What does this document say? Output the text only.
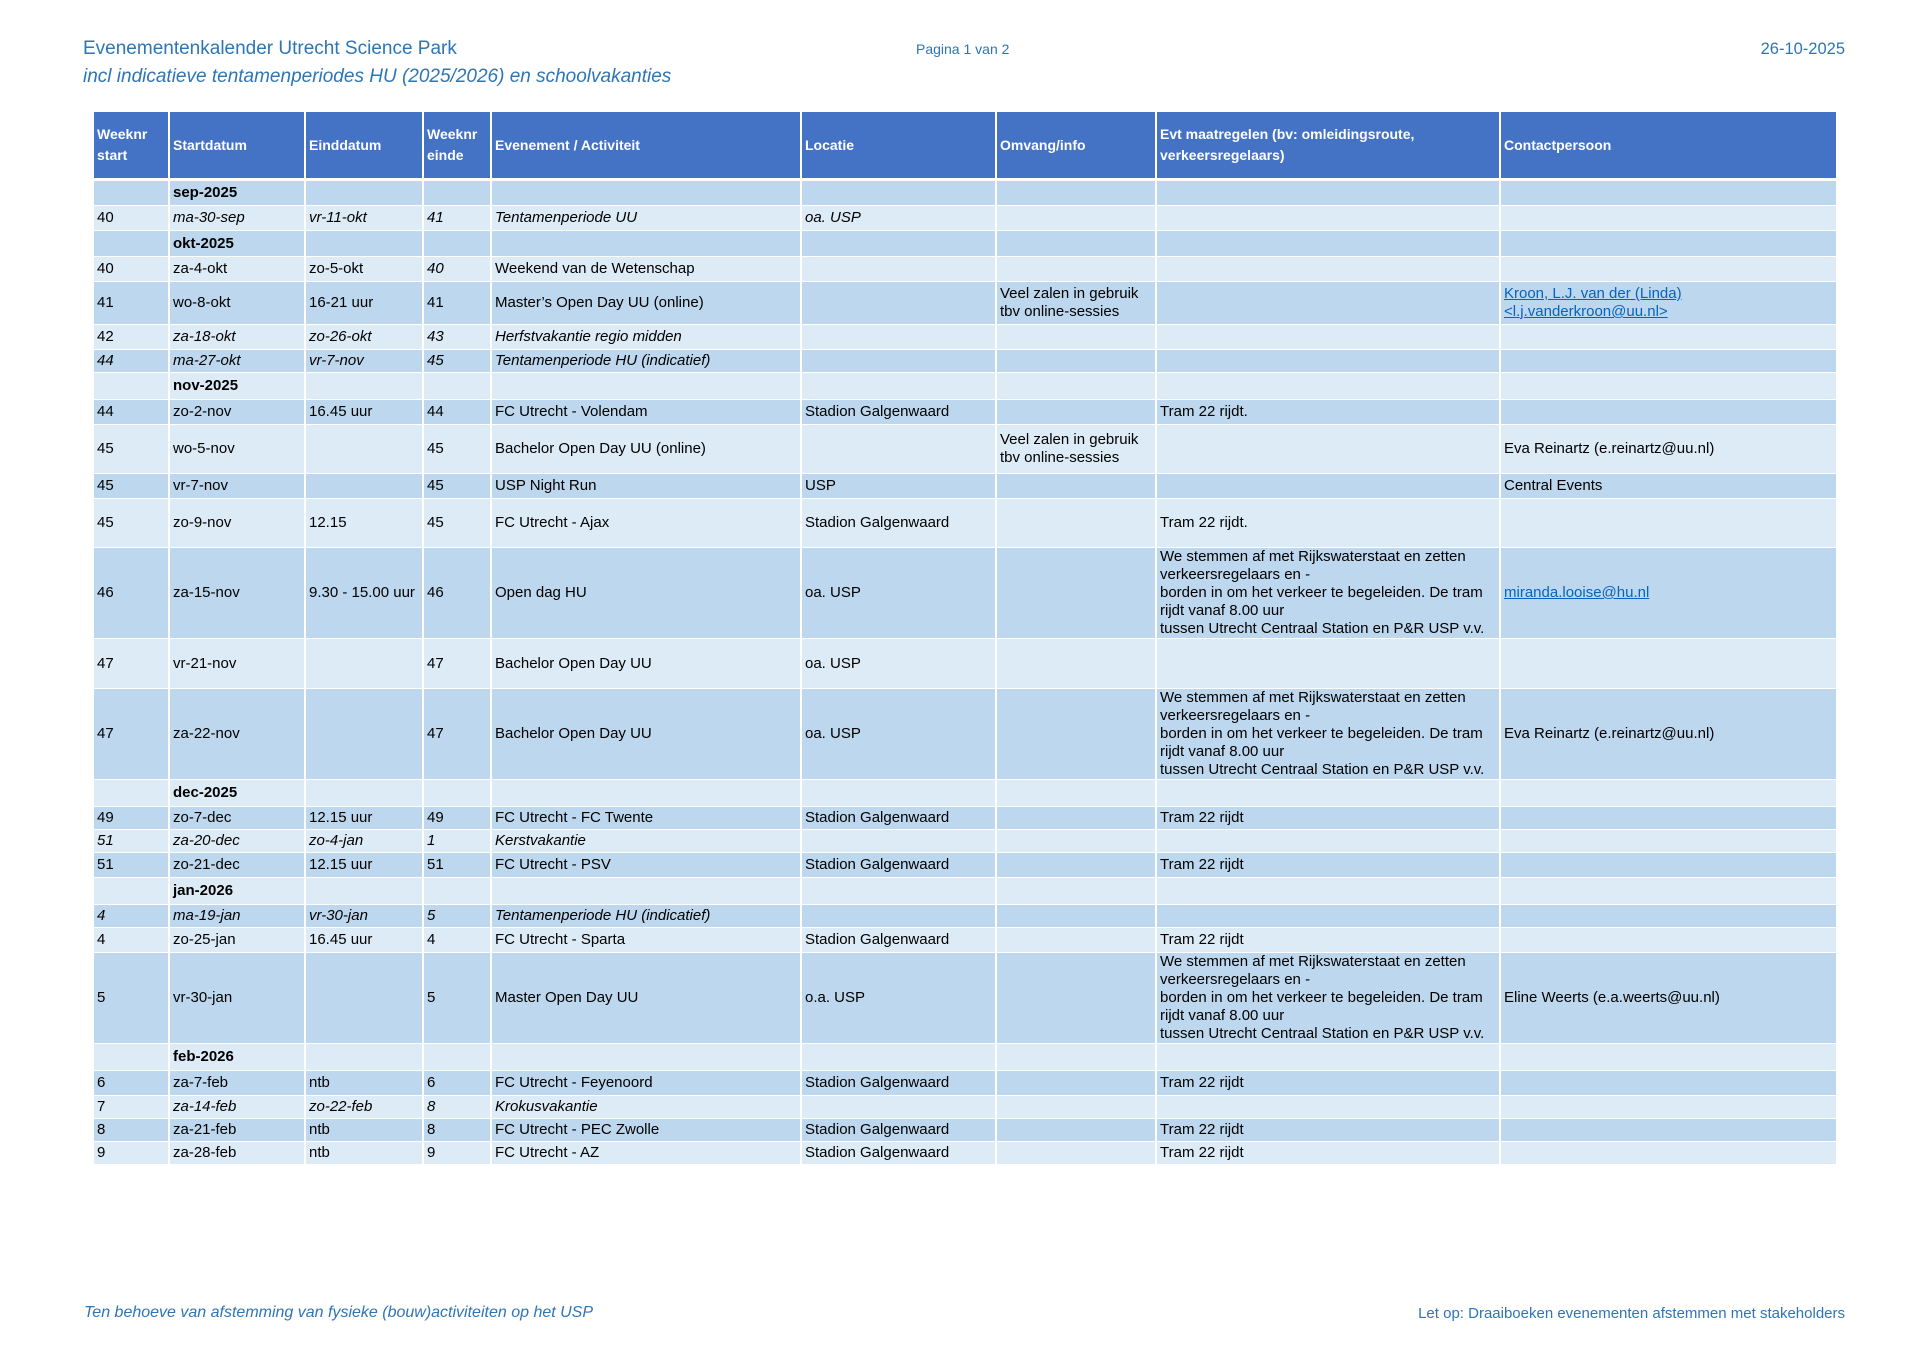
Evenementenkalender Utrecht Science Park
incl indicatieve tentamenperiodes HU (2025/2026) en schoolvakanties
Pagina 1 van 2	26-10-2025
Weeknr start	Startdatum	Einddatum	Weeknr einde	Evenement / Activiteit	Locatie	Omvang/info	Evt maatregelen (bv: omleidingsroute, verkeersregelaars)	Contactpersoon
	sep-2025							
40	ma-30-sep	vr-11-okt	41	Tentamenperiode UU	oa. USP			
	okt-2025							
40	za-4-okt	zo-5-okt	40	Weekend van de Wetenschap				
41	wo-8-okt	16-21 uur	41	Master’s Open Day UU (online)		Veel zalen in gebruik
tbv online-sessies		Kroon, L.J. van der (Linda)
<l.j.vanderkroon@uu.nl>
42	za-18-okt	zo-26-okt	43	Herfstvakantie regio midden				
44	ma-27-okt	vr-7-nov	45	Tentamenperiode HU (indicatief)				
	nov-2025							
44	zo-2-nov	16.45 uur	44	FC Utrecht - Volendam	Stadion Galgenwaard		Tram 22 rijdt.	
45	wo-5-nov		45	Bachelor Open Day UU (online)		Veel zalen in gebruik
tbv online-sessies		Eva Reinartz (e.reinartz@uu.nl)
45	vr-7-nov		45	USP Night Run	USP			Central Events
45	zo-9-nov	12.15	45	FC Utrecht - Ajax	Stadion Galgenwaard		Tram 22 rijdt.	
46	za-15-nov	9.30 - 15.00 uur	46	Open dag HU	oa. USP		We stemmen af met Rijkswaterstaat en zetten verkeersregelaars en -
borden in om het verkeer te begeleiden. De tram rijdt vanaf 8.00 uur
tussen Utrecht Centraal Station en P&R USP v.v.	miranda.looise@hu.nl
47	vr-21-nov		47	Bachelor Open Day UU	oa. USP			
47	za-22-nov		47	Bachelor Open Day UU	oa. USP		We stemmen af met Rijkswaterstaat en zetten verkeersregelaars en -
borden in om het verkeer te begeleiden. De tram rijdt vanaf 8.00 uur
tussen Utrecht Centraal Station en P&R USP v.v.	Eva Reinartz (e.reinartz@uu.nl)
	dec-2025							
49	zo-7-dec	12.15 uur	49	FC Utrecht - FC Twente	Stadion Galgenwaard		Tram 22 rijdt	
51	za-20-dec	zo-4-jan	1	Kerstvakantie				
51	zo-21-dec	12.15 uur	51	FC Utrecht - PSV	Stadion Galgenwaard		Tram 22 rijdt	
	jan-2026							
4	ma-19-jan	vr-30-jan	5	Tentamenperiode HU (indicatief)				
4	zo-25-jan	16.45 uur	4	FC Utrecht - Sparta	Stadion Galgenwaard		Tram 22 rijdt	
5	vr-30-jan		5	Master Open Day UU	o.a. USP		We stemmen af met Rijkswaterstaat en zetten verkeersregelaars en -
borden in om het verkeer te begeleiden. De tram rijdt vanaf 8.00 uur
tussen Utrecht Centraal Station en P&R USP v.v.	Eline Weerts (e.a.weerts@uu.nl)
	feb-2026							
6	za-7-feb	ntb	6	FC Utrecht - Feyenoord	Stadion Galgenwaard		Tram 22 rijdt	
7	za-14-feb	zo-22-feb	8	Krokusvakantie				
8	za-21-feb	ntb	8	FC Utrecht - PEC Zwolle	Stadion Galgenwaard		Tram 22 rijdt	
9	za-28-feb	ntb	9	FC Utrecht - AZ	Stadion Galgenwaard		Tram 22 rijdt	
Ten behoeve van afstemming van fysieke (bouw)activiteiten op het USP	Let op: Draaiboeken evenementen afstemmen met stakeholders
